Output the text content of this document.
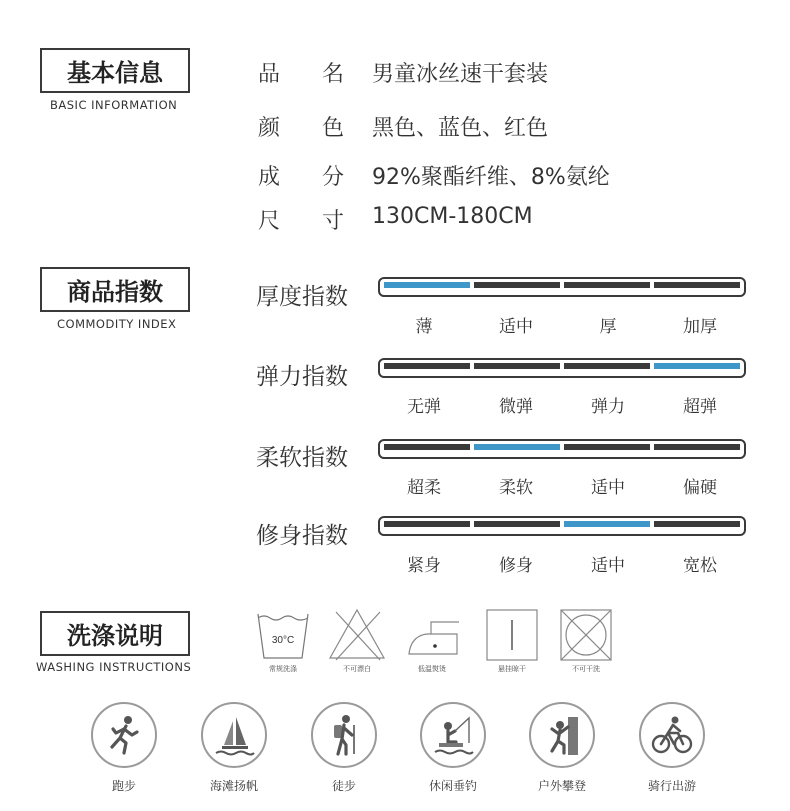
基本信息
BASIC INFORMATION
品 名 男童冰丝速干套装
颜 色 黑色、蓝色、红色
成 分 92%聚酯纤维、8%氨纶
尺 寸 130CM-180CM
商品指数
COMMODITY INDEX
厚度指数
薄	适中	厚	加厚
弹力指数
无弹	微弹	弹力	超弹
柔软指数
超柔	柔软	适中	偏硬
修身指数
紧身	修身	适中	宽松
洗涤说明
WASHING INSTRUCTIONS
30°C
常规洗涤	不可漂白	低温熨烫	悬挂晾干	不可干洗
跑步	海滩扬帆	徒步	休闲垂钓	户外攀登	骑行出游
